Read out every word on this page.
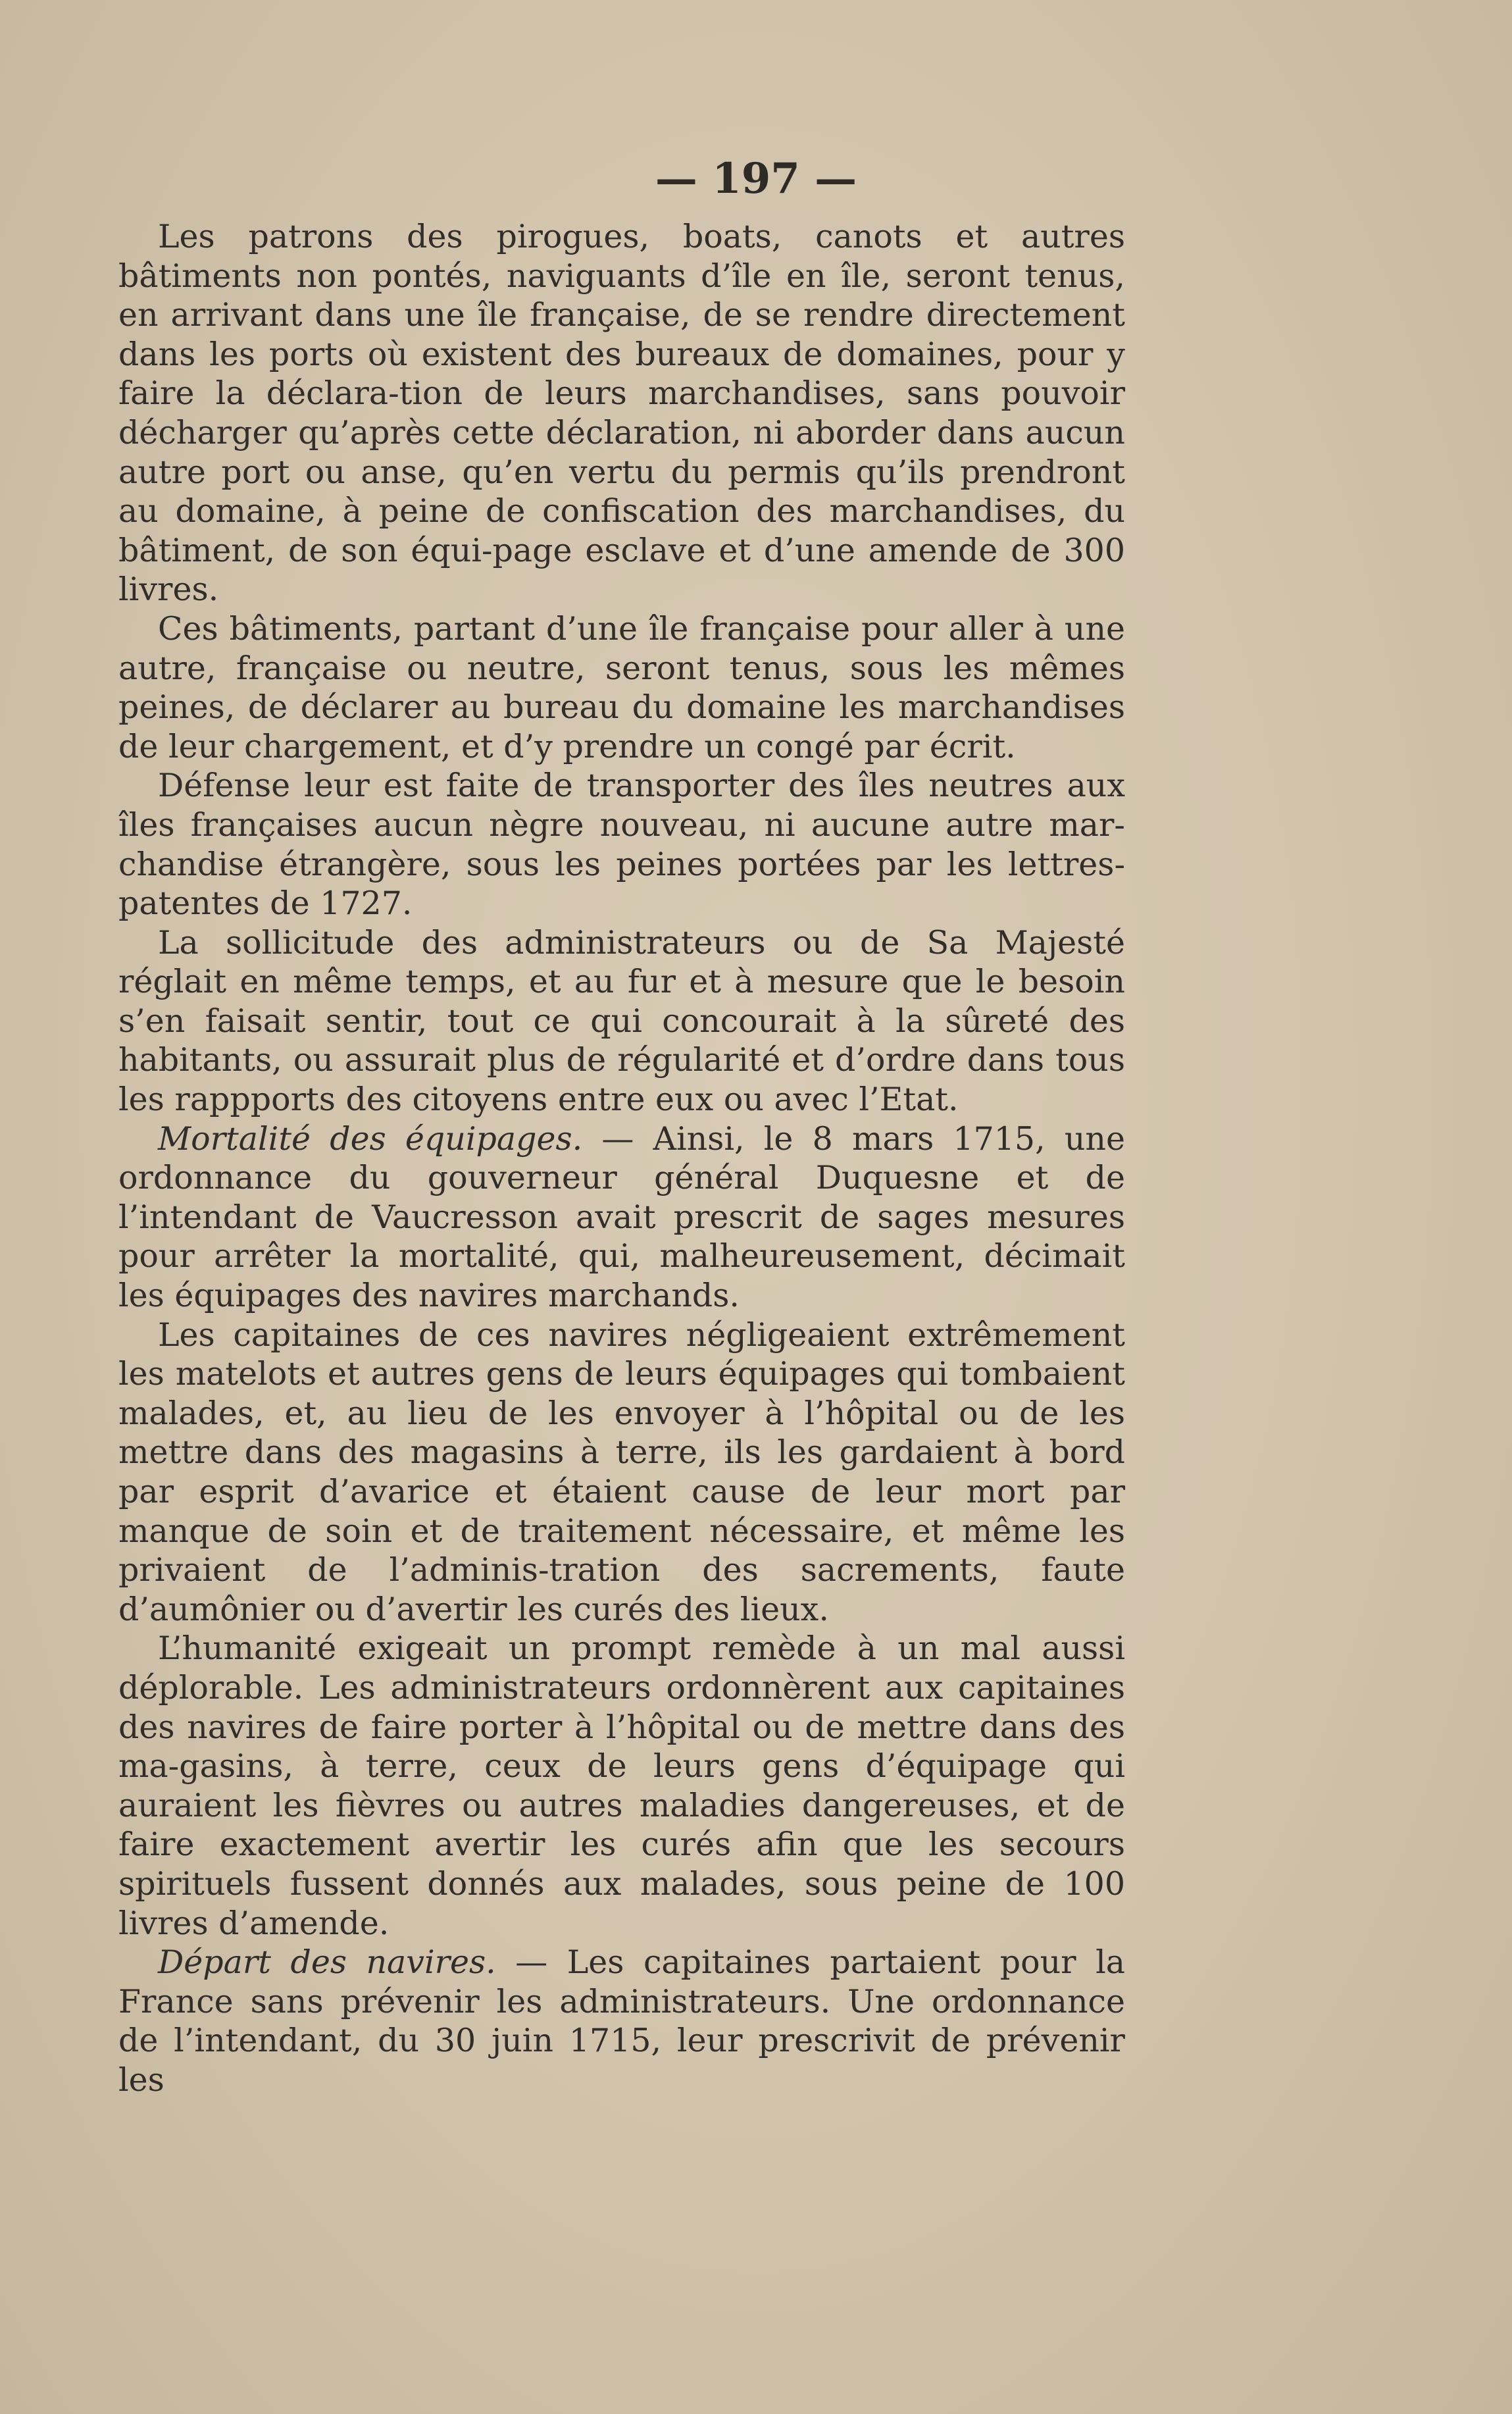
— 197 —

Les patrons des pirogues, boats, canots et autres bâtiments non pontés, naviguants d’île en île, seront tenus, en arrivant dans une île française, de se rendre directement dans les ports où existent des bureaux de domaines, pour y faire la déclara-tion de leurs marchandises, sans pouvoir décharger qu’après cette déclaration, ni aborder dans aucun autre port ou anse, qu’en vertu du permis qu’ils prendront au domaine, à peine de confiscation des marchandises, du bâtiment, de son équi-page esclave et d’une amende de 300 livres.

Ces bâtiments, partant d’une île française pour aller à une autre, française ou neutre, seront tenus, sous les mêmes peines, de déclarer au bureau du domaine les marchandises de leur chargement, et d’y prendre un congé par écrit.

Défense leur est faite de transporter des îles neutres aux îles françaises aucun nègre nouveau, ni aucune autre mar-chandise étrangère, sous les peines portées par les lettres-patentes de 1727.

La sollicitude des administrateurs ou de Sa Majesté réglait en même temps, et au fur et à mesure que le besoin s’en faisait sentir, tout ce qui concourait à la sûreté des habitants, ou assurait plus de régularité et d’ordre dans tous les rappports des citoyens entre eux ou avec l’Etat.

Mortalité des équipages. — Ainsi, le 8 mars 1715, une ordonnance du gouverneur général Duquesne et de l’intendant de Vaucresson avait prescrit de sages mesures pour arrêter la mortalité, qui, malheureusement, décimait les équipages des navires marchands.

Les capitaines de ces navires négligeaient extrêmement les matelots et autres gens de leurs équipages qui tombaient malades, et, au lieu de les envoyer à l’hôpital ou de les mettre dans des magasins à terre, ils les gardaient à bord par esprit d’avarice et étaient cause de leur mort par manque de soin et de traitement nécessaire, et même les privaient de l’adminis-tration des sacrements, faute d’aumônier ou d’avertir les curés des lieux.

L’humanité exigeait un prompt remède à un mal aussi déplorable. Les administrateurs ordonnèrent aux capitaines des navires de faire porter à l’hôpital ou de mettre dans des ma-gasins, à terre, ceux de leurs gens d’équipage qui auraient les fièvres ou autres maladies dangereuses, et de faire exactement avertir les curés afin que les secours spirituels fussent donnés aux malades, sous peine de 100 livres d’amende.

Départ des navires. — Les capitaines partaient pour la France sans prévenir les administrateurs. Une ordonnance de l’intendant, du 30 juin 1715, leur prescrivit de prévenir les
